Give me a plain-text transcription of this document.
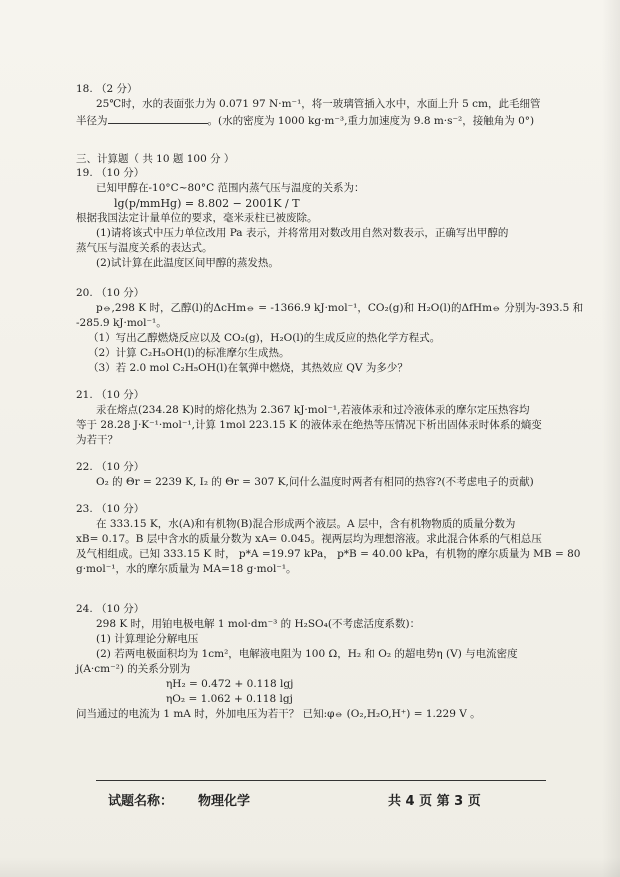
18. （2 分）
25℃时，水的表面张力为 0.071 97 N·m⁻¹，将一玻璃管插入水中，水面上升 5 cm，此毛细管
半径为	。(水的密度为 1000 kg·m⁻³,重力加速度为 9.8 m·s⁻²，接触角为 0°)
三、计算题（ 共 10 题 100 分 ）
19. （10 分）
已知甲醇在-10°C~80°C 范围内蒸气压与温度的关系为：
lg(p/mmHg) = 8.802 − 2001K / T
根据我国法定计量单位的要求，毫米汞柱已被废除。
(1)请将该式中压力单位改用 Pa 表示，并将常用对数改用自然对数表示，正确写出甲醇的
蒸气压与温度关系的表达式。
(2)试计算在此温度区间甲醇的蒸发热。
20. （10 分）
p⦵,298 K 时，乙醇(l)的ΔcHm⦵ = -1366.9 kJ·mol⁻¹，CO₂(g)和 H₂O(l)的ΔfHm⦵ 分别为-393.5 和
-285.9 kJ·mol⁻¹。
（1）写出乙醇燃烧反应以及 CO₂(g)，H₂O(l)的生成反应的热化学方程式。
（2）计算 C₂H₅OH(l)的标准摩尔生成热。
（3）若 2.0 mol C₂H₅OH(l)在氧弹中燃烧，其热效应 QV 为多少？
21. （10 分）
汞在熔点(234.28 K)时的熔化热为 2.367 kJ·mol⁻¹,若液体汞和过冷液体汞的摩尔定压热容均
等于 28.28 J·K⁻¹·mol⁻¹,计算 1mol 223.15 K 的液体汞在绝热等压情况下析出固体汞时体系的熵变
为若干？
22. （10 分）
O₂ 的 Θr = 2239 K, I₂ 的 Θr = 307 K,问什么温度时两者有相同的热容?(不考虑电子的贡献)
23. （10 分）
在 333.15 K，水(A)和有机物(B)混合形成两个液层。A 层中，含有机物物质的质量分数为
xB= 0.17。B 层中含水的质量分数为 xA= 0.045。视两层均为理想溶液。求此混合体系的气相总压
及气相组成。已知 333.15 K 时， p*A =19.97 kPa， p*B = 40.00 kPa，有机物的摩尔质量为 MB = 80
g·mol⁻¹，水的摩尔质量为 MA=18 g·mol⁻¹。
24. （10 分）
298 K 时，用铂电极电解 1 mol·dm⁻³ 的 H₂SO₄(不考虑活度系数)：
(1) 计算理论分解电压
(2) 若两电极面积均为 1cm²，电解液电阻为 100 Ω，H₂ 和 O₂ 的超电势η (V) 与电流密度
j(A·cm⁻²) 的关系分别为
ηH₂ = 0.472 + 0.118 lgj
ηO₂ = 1.062 + 0.118 lgj
问当通过的电流为 1 mA 时，外加电压为若干？ 已知:φ⦵ (O₂,H₂O,H⁺) = 1.229 V 。
试题名称： 物理化学	共 4 页 第 3 页
